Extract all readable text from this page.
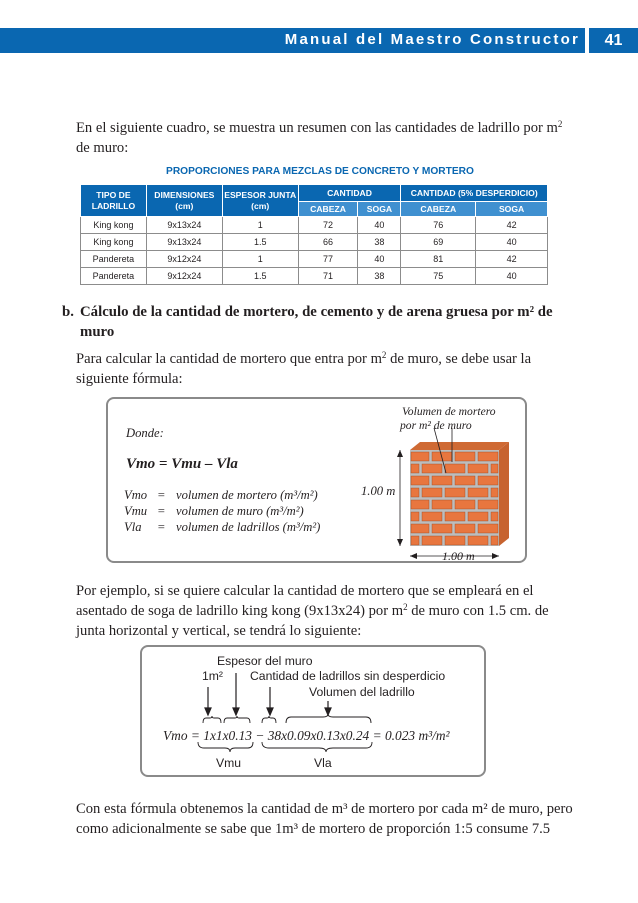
Manual del Maestro Constructor	41
En el siguiente cuadro, se muestra un resumen con las cantidades de ladrillo por $m^2$
de muro:
PROPORCIONES PARA MEZCLAS DE CONCRETO Y MORTERO
TIPO DE LADRILLO	DIMENSIONES (cm)	ESPESOR JUNTA (cm)	CANTIDAD		CANTIDAD (5% DESPERDICIO)	
			CABEZA	SOGA	CABEZA	SOGA
King kong	9x13x24	1	72	40	76	42
King kong	9x13x24	1.5	66	38	69	40
Pandereta	9x12x24	1	77	40	81	42
Pandereta	9x12x24	1.5	71	38	75	40
b. Cálculo de la cantidad de mortero, de cemento y de arena gruesa por m² de
muro
Para calcular la cantidad de mortero que entra por $m^2$ de muro, se debe usar la
siguiente fórmula:
Donde:
Vmo = Vmu – Vla
Vmo = volumen de mortero (m³/m²)
Vmu = volumen de muro (m³/m²)
Vla = volumen de ladrillos (m³/m²)
Volumen de mortero
por m² de muro
1.00 m
1.00 m
Por ejemplo, si se quiere calcular la cantidad de mortero que se empleará en el
asentado de soga de ladrillo king kong (9x13x24) por $m^2$ de muro con 1.5 cm. de
junta horizontal y vertical, se tendrá lo siguiente:
Espesor del muro
1m² Cantidad de ladrillos sin desperdicio
Volumen del ladrillo
Vmo = 1x1x0.13 − 38x0.09x0.13x0.24 = 0.023 m³/m²
Vmu	Vla
Con esta fórmula obtenemos la cantidad de m³ de mortero por cada m² de muro, pero
como adicionalmente se sabe que 1m³ de mortero de proporción 1:5 consume 7.5
